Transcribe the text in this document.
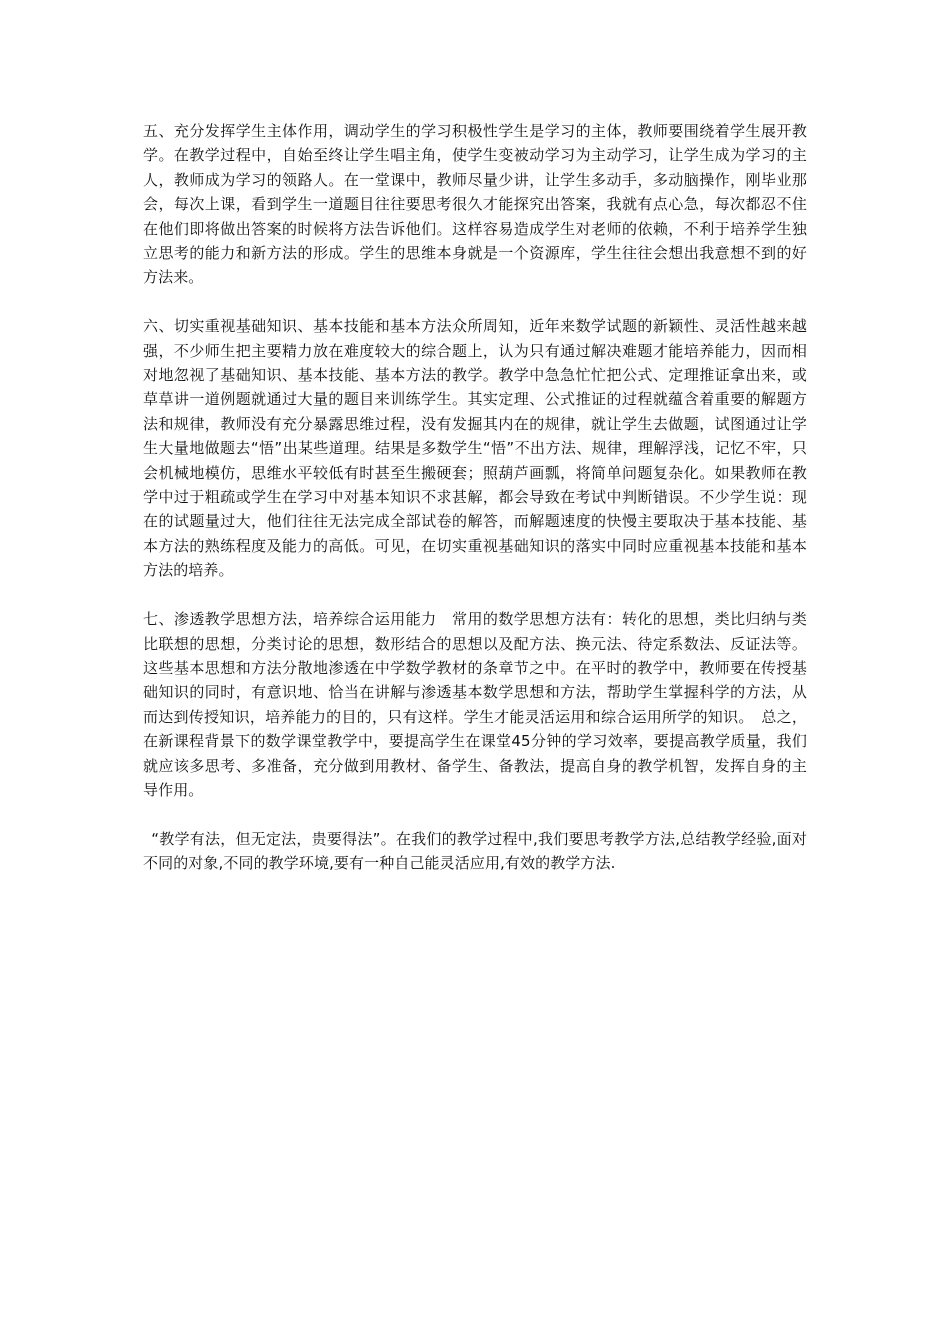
五、充分发挥学生主体作用，调动学生的学习积极性学生是学习的主体，教师要围绕着学生展开教学。在教学过程中，自始至终让学生唱主角，使学生变被动学习为主动学习，让学生成为学习的主人，教师成为学习的领路人。在一堂课中，教师尽量少讲，让学生多动手，多动脑操作，刚毕业那会，每次上课，看到学生一道题目往往要思考很久才能探究出答案，我就有点心急，每次都忍不住在他们即将做出答案的时候将方法告诉他们。这样容易造成学生对老师的依赖，不利于培养学生独立思考的能力和新方法的形成。学生的思维本身就是一个资源库，学生往往会想出我意想不到的好方法来。

六、切实重视基础知识、基本技能和基本方法众所周知，近年来数学试题的新颖性、灵活性越来越强，不少师生把主要精力放在难度较大的综合题上，认为只有通过解决难题才能培养能力，因而相对地忽视了基础知识、基本技能、基本方法的教学。教学中急急忙忙把公式、定理推证拿出来，或草草讲一道例题就通过大量的题目来训练学生。其实定理、公式推证的过程就蕴含着重要的解题方法和规律，教师没有充分暴露思维过程，没有发掘其内在的规律，就让学生去做题，试图通过让学生大量地做题去“悟”出某些道理。结果是多数学生“悟”不出方法、规律，理解浮浅，记忆不牢，只会机械地模仿，思维水平较低有时甚至生搬硬套；照葫芦画瓢，将简单问题复杂化。如果教师在教学中过于粗疏或学生在学习中对基本知识不求甚解，都会导致在考试中判断错误。不少学生说：现在的试题量过大，他们往往无法完成全部试卷的解答，而解题速度的快慢主要取决于基本技能、基本方法的熟练程度及能力的高低。可见，在切实重视基础知识的落实中同时应重视基本技能和基本方法的培养。

七、渗透教学思想方法，培养综合运用能力　常用的数学思想方法有：转化的思想，类比归纳与类比联想的思想，分类讨论的思想，数形结合的思想以及配方法、换元法、待定系数法、反证法等。这些基本思想和方法分散地渗透在中学数学教材的条章节之中。在平时的教学中，教师要在传授基础知识的同时，有意识地、恰当在讲解与渗透基本数学思想和方法，帮助学生掌握科学的方法，从而达到传授知识，培养能力的目的，只有这样。学生才能灵活运用和综合运用所学的知识。　总之，在新课程背景下的数学课堂教学中，要提高学生在课堂45分钟的学习效率，要提高教学质量，我们就应该多思考、多准备，充分做到用教材、备学生、备教法，提高自身的教学机智，发挥自身的主导作用。

“教学有法，但无定法，贵要得法”。在我们的教学过程中,我们要思考教学方法,总结教学经验,面对不同的对象,不同的教学环境,要有一种自己能灵活应用,有效的教学方法.
